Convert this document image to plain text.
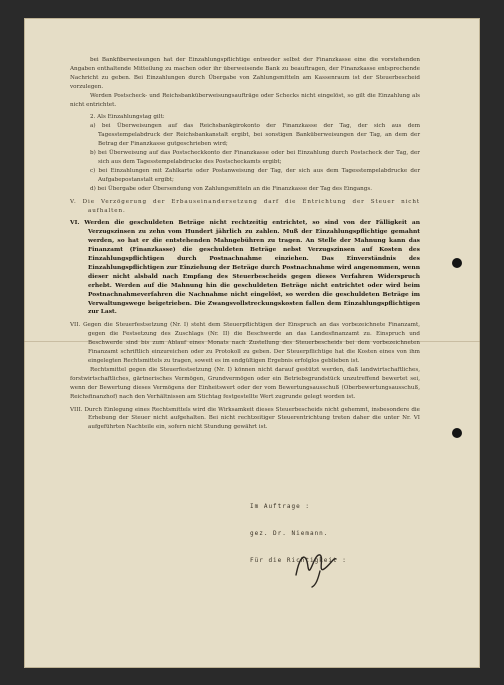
bei Bankfiberweisungen hat der Einzahlungspflichtige entweder selbst der Finanzkasse eine die vorstehenden Angaben enthaltende Mitteilung zu machen oder ihr überweisende Bank zu beauftragen, der Finanzkasse entsprechende Nachricht zu geben. Bei Einzahlungen durch Übergabe von Zahlungsmitteln am Kassenraum ist der Steuerbescheid vorzulegen.

Werden Postscheck- und Reichsbanküberweisungsaufträge oder Schecks nicht eingelöst, so gilt die Einzahlung als nicht entrichtet.

2. Als Einzahlungstag gilt:

a) bei Überweisungen auf das Reichsbankgirokonto der Finanzkasse der Tag, der sich aus dem Tagesstempelabdruck der Reichsbankanstalt ergibt, bei sonstigen Banküberweisungen der Tag, an dem der Betrag der Finanzkasse gutgeschrieben wird;

b) bei Überweisung auf das Postscheckkonto der Finanzkasse oder bei Einzahlung durch Postscheck der Tag, der sich aus dem Tagesstempelabdrucke des Postscheckamts ergibt;

c) bei Einzahlungen mit Zahlkarte oder Postanweisung der Tag, der sich aus dem Tagesstempelabdrucke der Aufgabepostanstalt ergibt;

d) bei Übergabe oder Übersendung von Zahlungsmitteln an die Finanzkasse der Tag des Eingangs.

V. Die Verzögerung der Erbauseinandersetzung darf die Entrichtung der Steuer nicht aufhalten.

VI. Werden die geschuldeten Beträge nicht rechtzeitig entrichtet, so sind von der Fälligkeit an Verzugszinsen zu zehn vom Hundert jährlich zu zahlen. Muß der Einzahlungspflichtige gemahnt werden, so hat er die entstehenden Mahngebühren zu tragen. An Stelle der Mahnung kann das Finanzamt (Finanzkasse) die geschuldeten Beträge nebst Verzugszinsen auf Kosten des Einzahlungspflichtigen durch Postnachnahme einziehen. Das Einverständnis des Einzahlungspflichtigen zur Einziehung der Beträge durch Postnachnahme wird angenommen, wenn dieser nicht alsbald nach Empfang des Steuerbescheids gegen dieses Verfahren Widerspruch erhebt. Werden auf die Mahnung hin die geschuldeten Beträge nicht entrichtet oder wird beim Postnachnahmeverfahren die Nachnahme nicht eingelöst, so werden die geschuldeten Beträge im Verwaltungswege beigetrieben. Die Zwangsvollstreckungskosten fallen dem Einzahlungspflichtigen zur Last.

VII. Gegen die Steuerfestsetzung (Nr. I) steht dem Steuerpflichtigen der Einspruch an das vorbezeichnete Finanzamt, gegen die Festsetzung des Zuschlags (Nr. II) die Beschwerde an das Landesfinanzamt zu. Einspruch und Beschwerde sind bis zum Ablauf eines Monats nach Zustellung des Steuerbescheids bei dem vorbezeichneten Finanzamt schriftlich einzureichen oder zu Protokoll zu geben. Der Steuerpflichtige hat die Kosten eines von ihm eingelegten Rechtsmittels zu tragen, soweit es im endgültigen Ergebnis erfolglos geblieben ist.

Rechtsmittel gegen die Steuerfestsetzung (Nr. I) können nicht darauf gestützt werden, daß landwirtschaftliches, forstwirtschaftliches, gärtnerisches Vermögen, Grundvermögen oder ein Betriebsgrundstück unzutreffend bewertet sei, wenn der Bewertung dieses Vermögens der Einheitswert oder der vom Bewertungsausschuß (Oberbewertungsausschuß, Reichsfinanzhof) nach den Verhältnissen am Stichtag festgestellte Wert zugrunde gelegt worden ist.

VIII. Durch Einlegung eines Rechtsmittels wird die Wirksamkeit dieses Steuerbescheids nicht gehemmt, insbesondere die Erhebung der Steuer nicht aufgehalten. Bei nicht rechtzeitiger Steuerentrichtung treten daher die unter Nr. VI aufgeführten Nachteile ein, sofern nicht Stundung gewährt ist.

Im Auftrage :
gez. Dr. Niemann.
Für die Richtigkeit :
